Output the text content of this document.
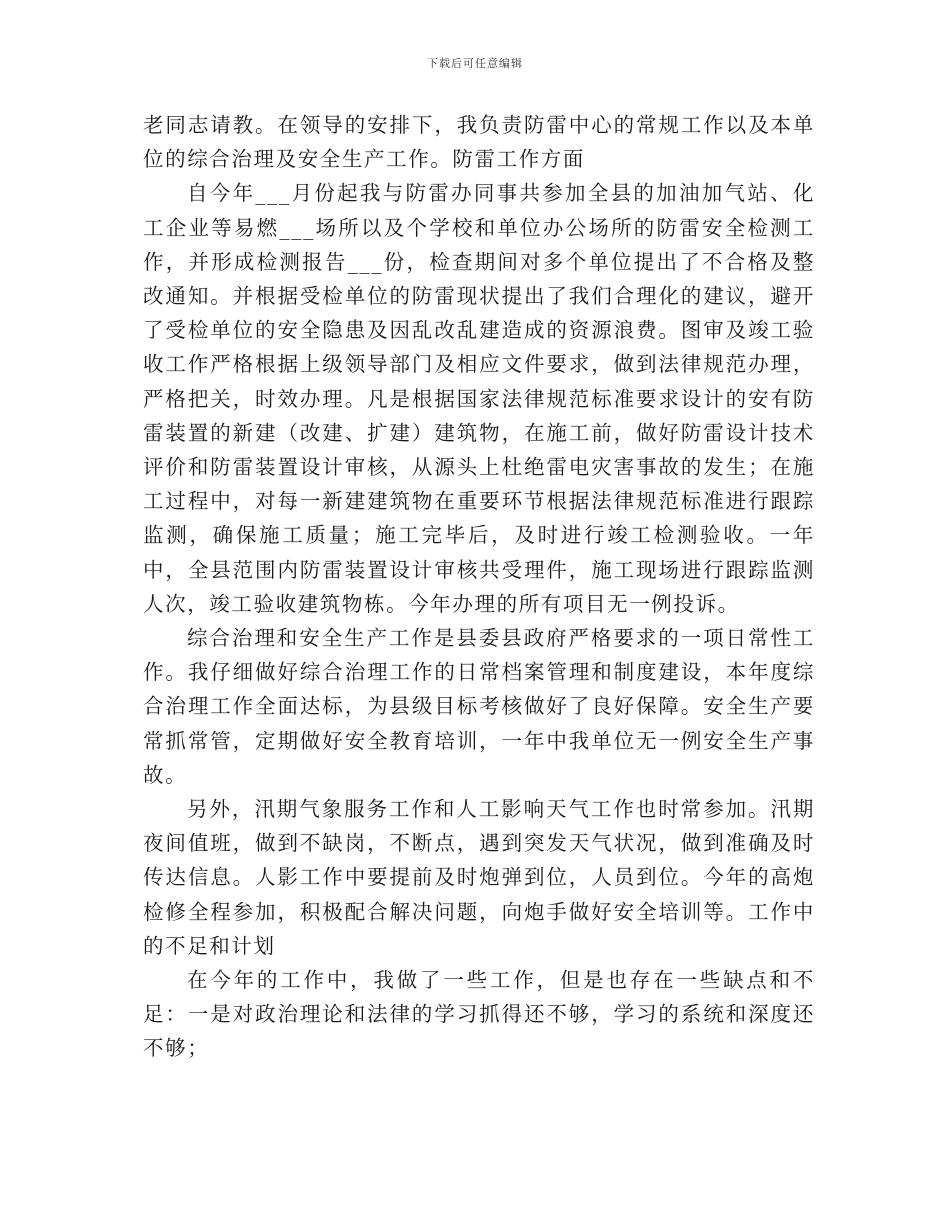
下载后可任意编辑

老同志请教。在领导的安排下，我负责防雷中心的常规工作以及本单位的综合治理及安全生产工作。防雷工作方面

自今年___月份起我与防雷办同事共参加全县的加油加气站、化工企业等易燃___场所以及个学校和单位办公场所的防雷安全检测工作，并形成检测报告___份，检查期间对多个单位提出了不合格及整改通知。并根据受检单位的防雷现状提出了我们合理化的建议，避开了受检单位的安全隐患及因乱改乱建造成的资源浪费。图审及竣工验收工作严格根据上级领导部门及相应文件要求，做到法律规范办理，严格把关，时效办理。凡是根据国家法律规范标准要求设计的安有防雷装置的新建（改建、扩建）建筑物，在施工前，做好防雷设计技术评价和防雷装置设计审核，从源头上杜绝雷电灾害事故的发生；在施工过程中，对每一新建建筑物在重要环节根据法律规范标准进行跟踪监测，确保施工质量；施工完毕后，及时进行竣工检测验收。一年中，全县范围内防雷装置设计审核共受理件，施工现场进行跟踪监测人次，竣工验收建筑物栋。今年办理的所有项目无一例投诉。

综合治理和安全生产工作是县委县政府严格要求的一项日常性工作。我仔细做好综合治理工作的日常档案管理和制度建设，本年度综合治理工作全面达标，为县级目标考核做好了良好保障。安全生产要常抓常管，定期做好安全教育培训，一年中我单位无一例安全生产事故。

另外，汛期气象服务工作和人工影响天气工作也时常参加。汛期夜间值班，做到不缺岗，不断点，遇到突发天气状况，做到准确及时传达信息。人影工作中要提前及时炮弹到位，人员到位。今年的高炮检修全程参加，积极配合解决问题，向炮手做好安全培训等。工作中的不足和计划

在今年的工作中，我做了一些工作，但是也存在一些缺点和不足：一是对政治理论和法律的学习抓得还不够，学习的系统和深度还不够；
